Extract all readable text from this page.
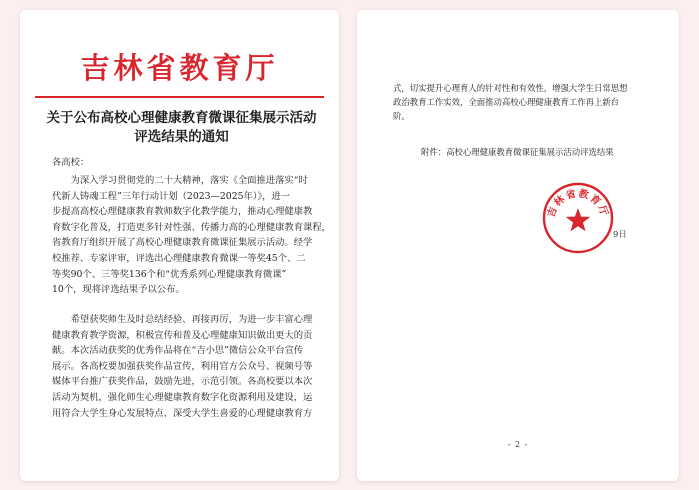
吉林省教育厅
关于公布高校心理健康教育微课征集展示活动
评选结果的通知
各高校：
　　为深入学习贯彻党的二十大精神，落实《全面推进落实“时
代新人铸魂工程”三年行动计划（2023—2025年）》，进一
步提高高校心理健康教育教师数字化教学能力，推动心理健康教
育数字化普及，打造更多针对性强、传播力高的心理健康教育课程，
省教育厅组织开展了高校心理健康教育微课征集展示活动。经学
校推荐、专家评审，评选出心理健康教育微课一等奖45个、二
等奖90个、三等奖136个和“优秀系列心理健康教育微课”
10个，现将评选结果予以公布。
　　希望获奖师生及时总结经验、再接再厉，为进一步丰富心理
健康教育教学资源，积极宣传和普及心理健康知识做出更大的贡
献。本次活动获奖的优秀作品将在“吉小思”微信公众平台宣传
展示。各高校要加强获奖作品宣传，利用官方公众号、视频号等
媒体平台推广获奖作品，鼓励先进，示范引领。各高校要以本次
活动为契机，强化师生心理健康教育数字化资源利用及建设，运
用符合大学生身心发展特点、深受大学生喜爱的心理健康教育方
式，切实提升心理育人的针对性和有效性，增强大学生日常思想
政治教育工作实效，全面推动高校心理健康教育工作再上新台
阶。
附件：高校心理健康教育微课征集展示活动评选结果
吉林省教育厅
9日
- 2 -
